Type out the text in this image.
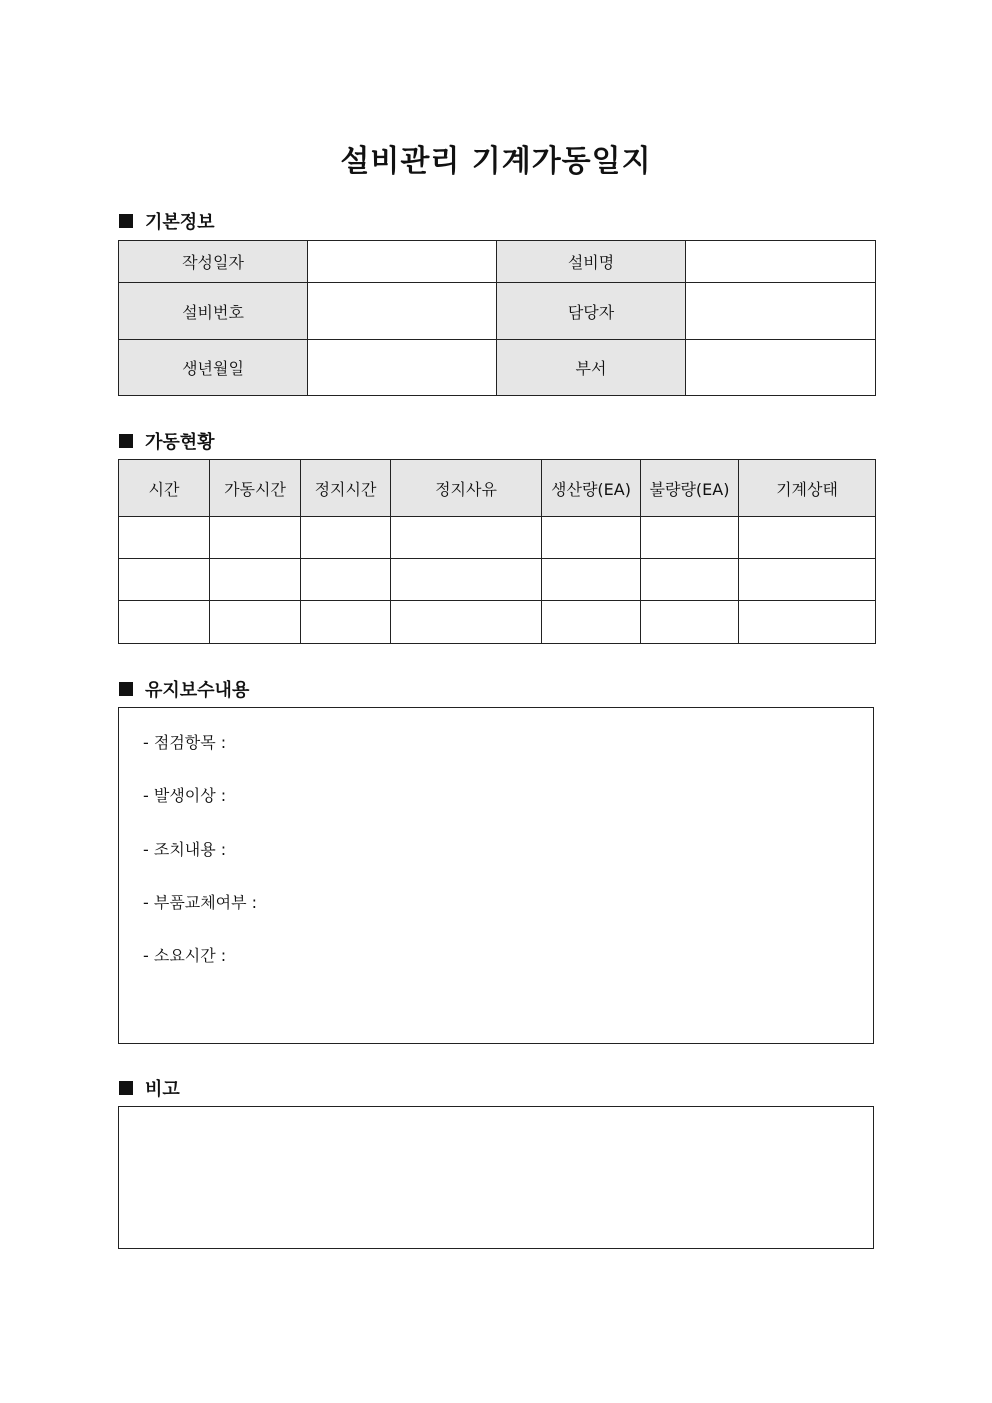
설비관리 기계가동일지
기본정보
작성일자		설비명	
설비번호		담당자	
생년월일		부서	
가동현황
시간	가동시간	정지시간	정지사유	생산량(EA)	불량량(EA)	기계상태

유지보수내용
- 점검항목 :
- 발생이상 :
- 조치내용 :
- 부품교체여부 :
- 소요시간 :
비고
